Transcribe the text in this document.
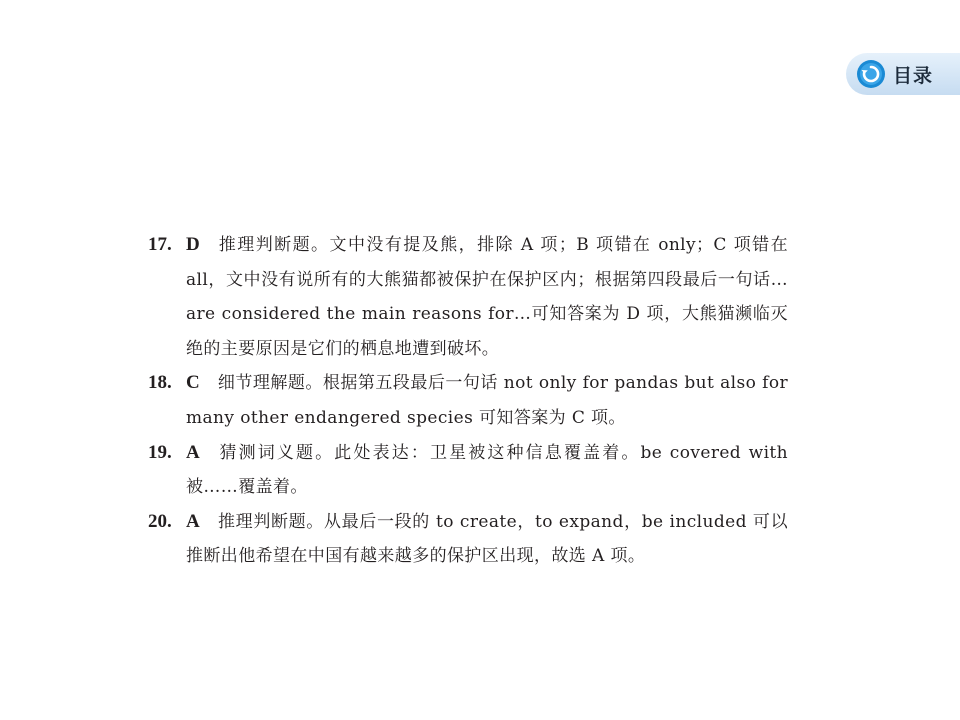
目录
17. D 推理判断题。文中没有提及熊，排除 A 项；B 项错在 only；C 项错在 all，文中没有说所有的大熊猫都被保护在保护区内；根据第四段最后一句话…are considered the main reasons for…可知答案为 D 项，大熊猫濒临灭绝的主要原因是它们的栖息地遭到破坏。
18. C 细节理解题。根据第五段最后一句话 not only for pandas but also for many other endangered species 可知答案为 C 项。
19. A 猜测词义题。此处表达：卫星被这种信息覆盖着。be covered with 被……覆盖着。
20. A 推理判断题。从最后一段的 to create，to expand，be included 可以推断出他希望在中国有越来越多的保护区出现，故选 A 项。
